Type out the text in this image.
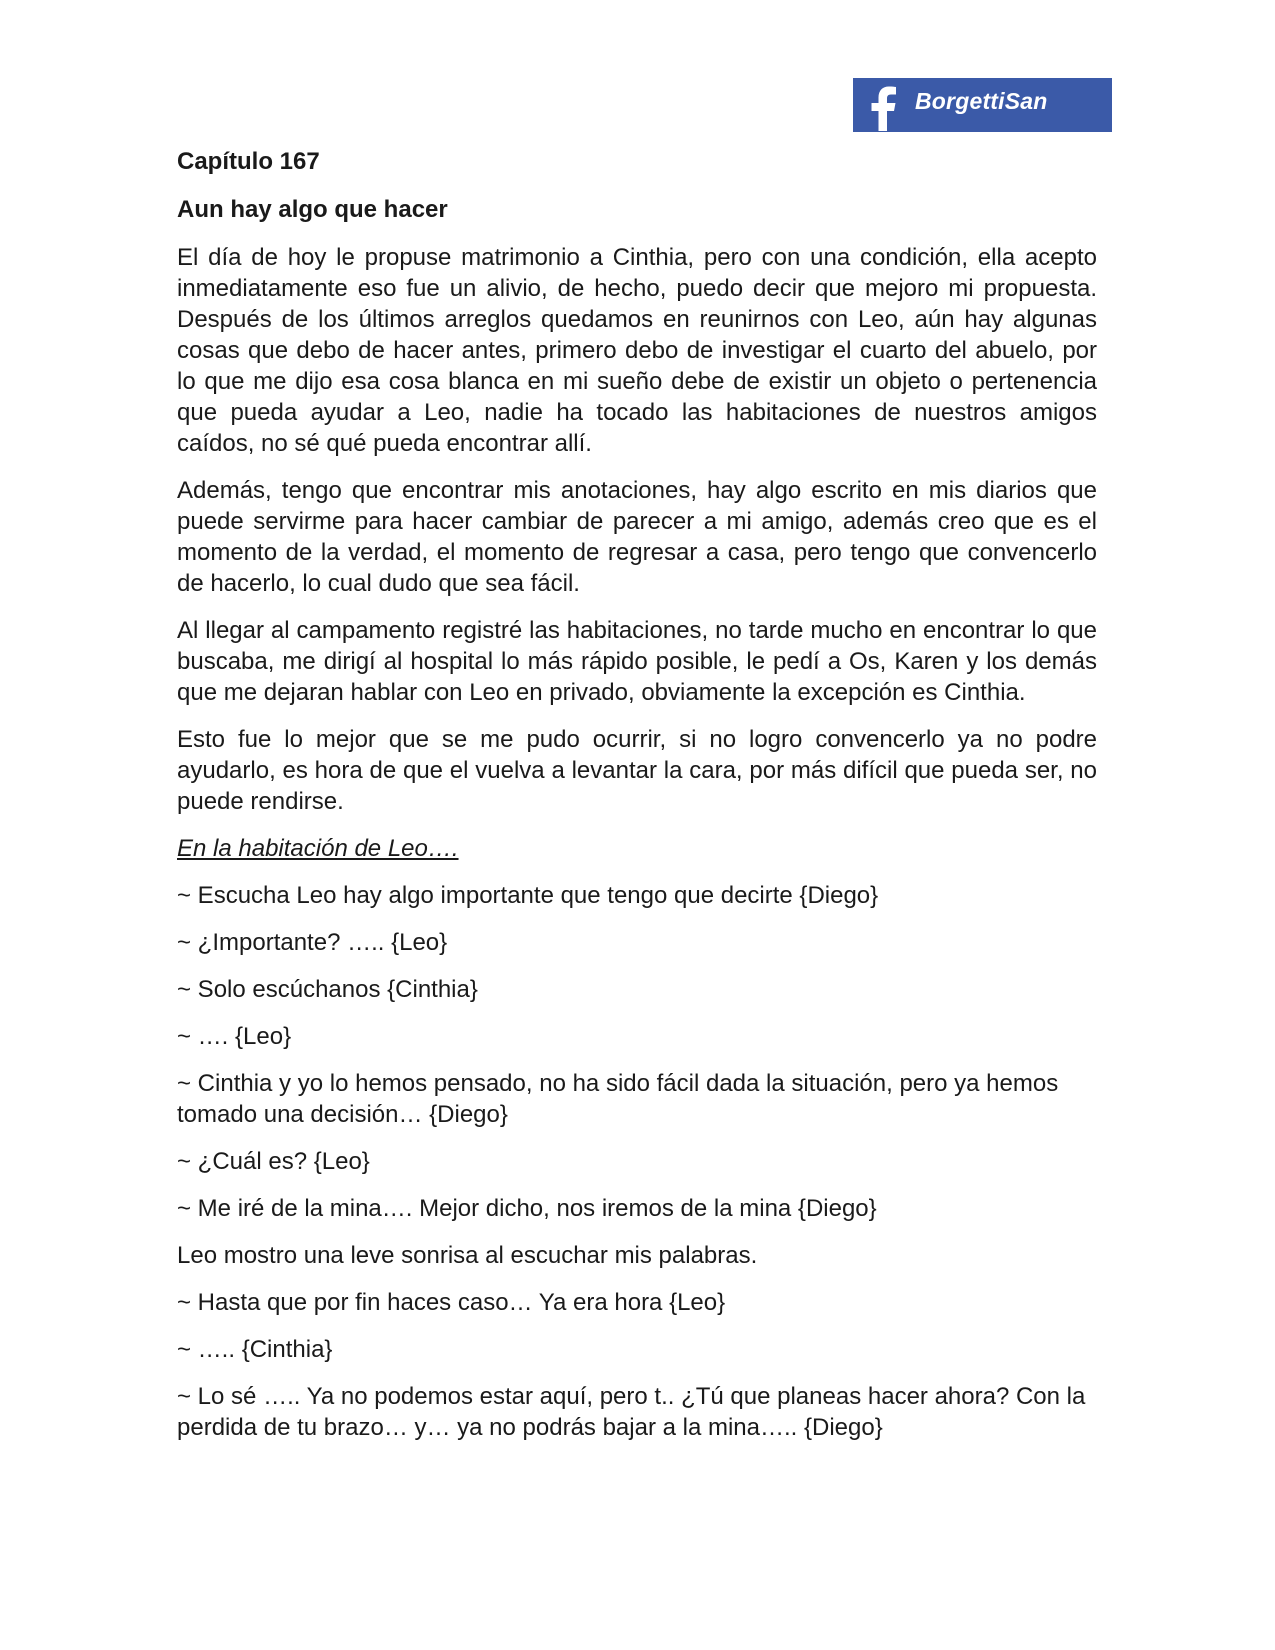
BorgettiSan
Capítulo 167
Aun hay algo que hacer

El día de hoy le propuse matrimonio a Cinthia, pero con una condición, ella acepto inmediatamente eso fue un alivio, de hecho, puedo decir que mejoro mi propuesta. Después de los últimos arreglos quedamos en reunirnos con Leo, aún hay algunas cosas que debo de hacer antes, primero debo de investigar el cuarto del abuelo, por lo que me dijo esa cosa blanca en mi sueño debe de existir un objeto o pertenencia que pueda ayudar a Leo, nadie ha tocado las habitaciones de nuestros amigos caídos, no sé qué pueda encontrar allí.

Además, tengo que encontrar mis anotaciones, hay algo escrito en mis diarios que puede servirme para hacer cambiar de parecer a mi amigo, además creo que es el momento de la verdad, el momento de regresar a casa, pero tengo que convencerlo de hacerlo, lo cual dudo que sea fácil.

Al llegar al campamento registré las habitaciones, no tarde mucho en encontrar lo que buscaba, me dirigí al hospital lo más rápido posible, le pedí a Os, Karen y los demás que me dejaran hablar con Leo en privado, obviamente la excepción es Cinthia.

Esto fue lo mejor que se me pudo ocurrir, si no logro convencerlo ya no podre ayudarlo, es hora de que el vuelva a levantar la cara, por más difícil que pueda ser, no puede rendirse.

En la habitación de Leo….

~ Escucha Leo hay algo importante que tengo que decirte {Diego}

~ ¿Importante? ….. {Leo}

~ Solo escúchanos {Cinthia}

~ …. {Leo}

~ Cinthia y yo lo hemos pensado, no ha sido fácil dada la situación, pero ya hemos tomado una decisión… {Diego}

~ ¿Cuál es? {Leo}

~ Me iré de la mina…. Mejor dicho, nos iremos de la mina {Diego}

Leo mostro una leve sonrisa al escuchar mis palabras.

~ Hasta que por fin haces caso… Ya era hora {Leo}

~ ….. {Cinthia}

~ Lo sé ….. Ya no podemos estar aquí, pero t.. ¿Tú que planeas hacer ahora? Con la perdida de tu brazo… y… ya no podrás bajar a la mina….. {Diego}
